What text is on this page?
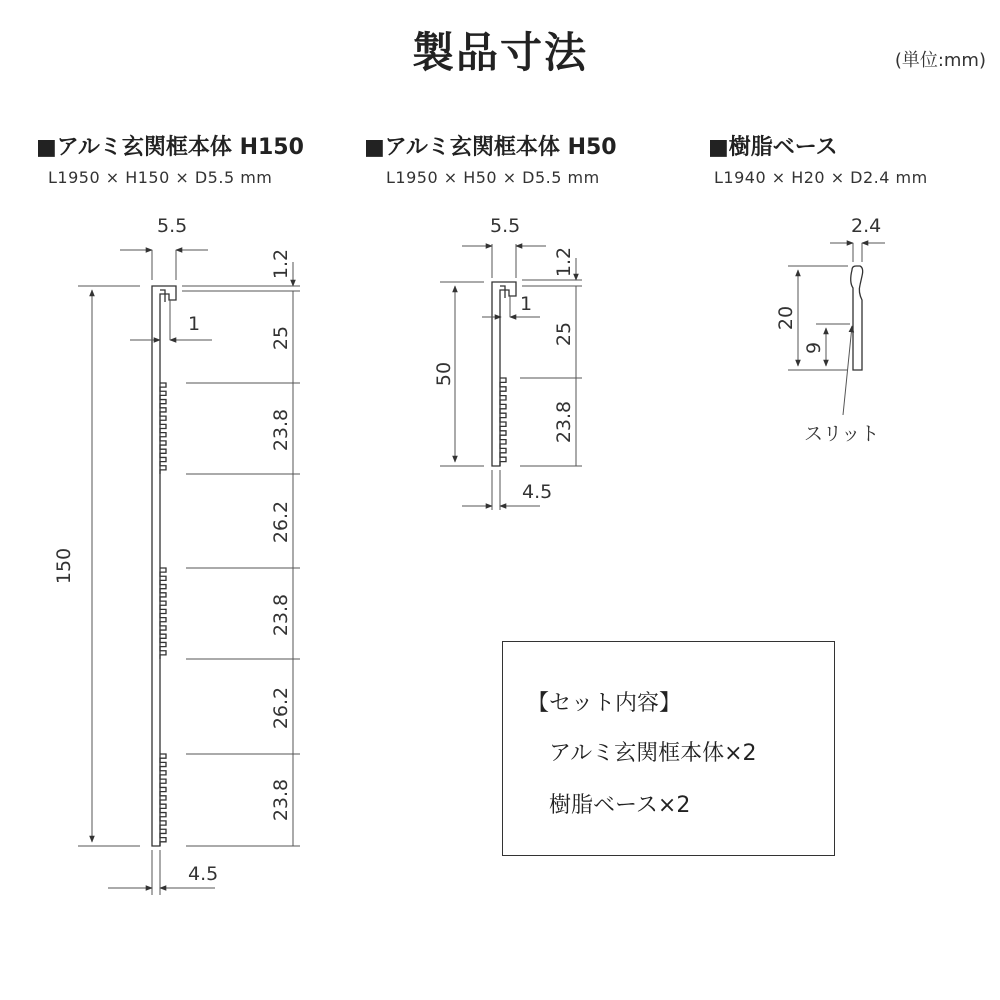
製品寸法	(単位:mm)
■アルミ玄関框本体 H150
L1950 × H150 × D5.5 mm
■アルミ玄関框本体 H50
L1950 × H50 × D5.5 mm
■樹脂ベース
L1940 × H20 × D2.4 mm
5.5
1
4.5
150
1.2
25
23.8
26.2
23.8
26.2
23.8
5.5
1
4.5
50
1.2
25
23.8
2.4
20
9
スリット
【セット内容】
アルミ玄関框本体×2
樹脂ベース×2
